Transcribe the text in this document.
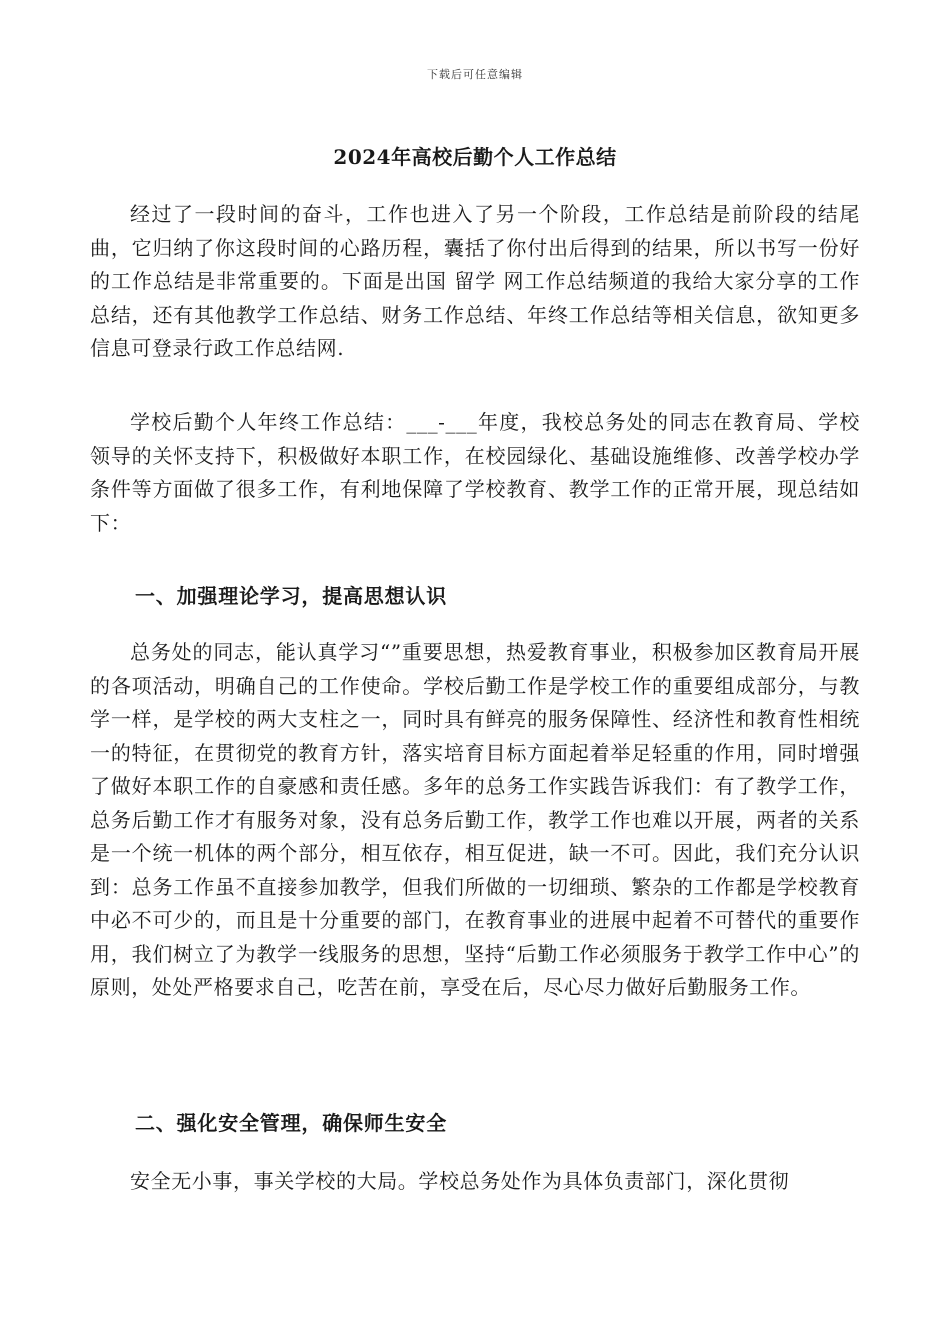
下载后可任意编辑
2024年高校后勤个人工作总结

经过了一段时间的奋斗，工作也进入了另一个阶段，工作总结是前阶段的结尾曲，它归纳了你这段时间的心路历程，囊括了你付出后得到的结果，所以书写一份好的工作总结是非常重要的。下面是出国 留学 网工作总结频道的我给大家分享的工作总结，还有其他教学工作总结、财务工作总结、年终工作总结等相关信息，欲知更多信息可登录行政工作总结网.

学校后勤个人年终工作总结：___-___年度，我校总务处的同志在教育局、学校领导的关怀支持下，积极做好本职工作，在校园绿化、基础设施维修、改善学校办学条件等方面做了很多工作，有利地保障了学校教育、教学工作的正常开展，现总结如下：

一、加强理论学习，提高思想认识

总务处的同志，能认真学习“”重要思想，热爱教育事业，积极参加区教育局开展的各项活动，明确自己的工作使命。学校后勤工作是学校工作的重要组成部分，与教学一样，是学校的两大支柱之一，同时具有鲜亮的服务保障性、经济性和教育性相统一的特征，在贯彻党的教育方针，落实培育目标方面起着举足轻重的作用，同时增强了做好本职工作的自豪感和责任感。多年的总务工作实践告诉我们：有了教学工作，总务后勤工作才有服务对象，没有总务后勤工作，教学工作也难以开展，两者的关系是一个统一机体的两个部分，相互依存，相互促进，缺一不可。因此，我们充分认识到：总务工作虽不直接参加教学，但我们所做的一切细琐、繁杂的工作都是学校教育中必不可少的，而且是十分重要的部门，在教育事业的进展中起着不可替代的重要作用，我们树立了为教学一线服务的思想，坚持“后勤工作必须服务于教学工作中心”的原则，处处严格要求自己，吃苦在前，享受在后，尽心尽力做好后勤服务工作。

二、强化安全管理，确保师生安全

安全无小事，事关学校的大局。学校总务处作为具体负责部门，深化贯彻
